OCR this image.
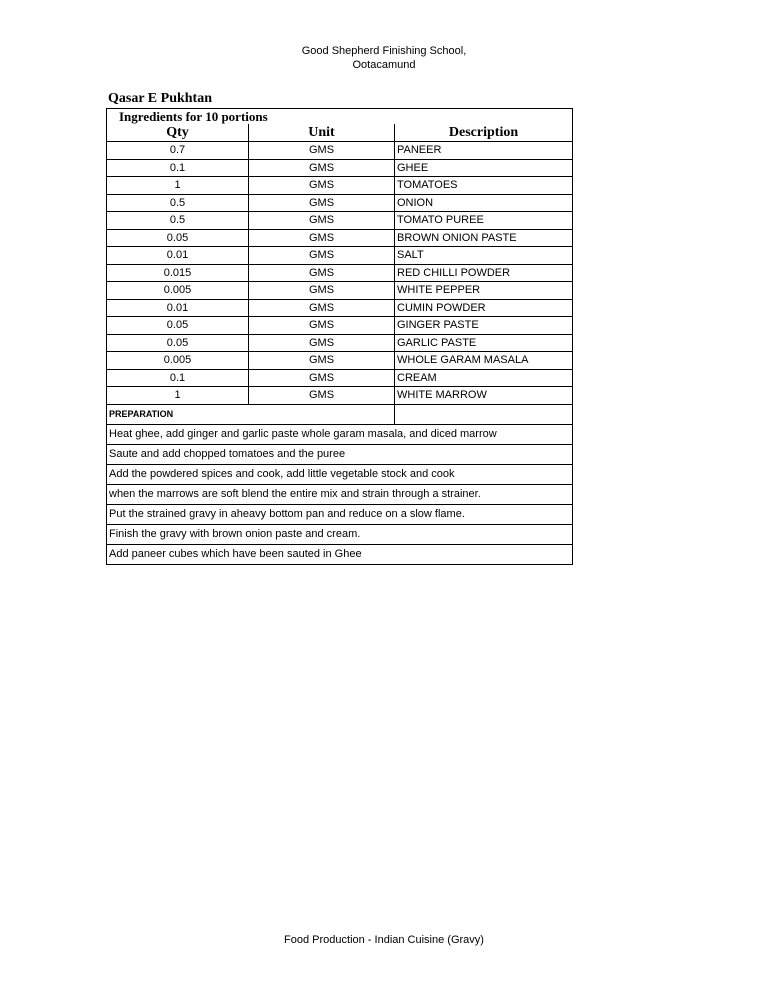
Good Shepherd Finishing School,
Ootacamund
Qasar E Pukhtan
Ingredients for 10 portions		
Qty	Unit	Description
0.7	GMS	PANEER
0.1	GMS	GHEE
1	GMS	TOMATOES
0.5	GMS	ONION
0.5	GMS	TOMATO PUREE
0.05	GMS	BROWN ONION PASTE
0.01	GMS	SALT
0.015	GMS	RED CHILLI POWDER
0.005	GMS	WHITE PEPPER
0.01	GMS	CUMIN POWDER
0.05	GMS	GINGER PASTE
0.05	GMS	GARLIC PASTE
0.005	GMS	WHOLE GARAM MASALA
0.1	GMS	CREAM
1	GMS	WHITE MARROW
PREPARATION		
Heat ghee, add ginger and garlic paste whole garam masala, and diced marrow		
Saute and add chopped tomatoes and the puree		
Add the powdered spices and cook, add little vegetable stock and cook		
when the marrows are soft blend the entire mix and strain through a strainer.		
Put the strained gravy in aheavy bottom pan and reduce on a slow flame.		
Finish the gravy with brown onion paste and cream.		
Add paneer cubes which have been sauted in Ghee		
Food Production - Indian Cuisine (Gravy)
